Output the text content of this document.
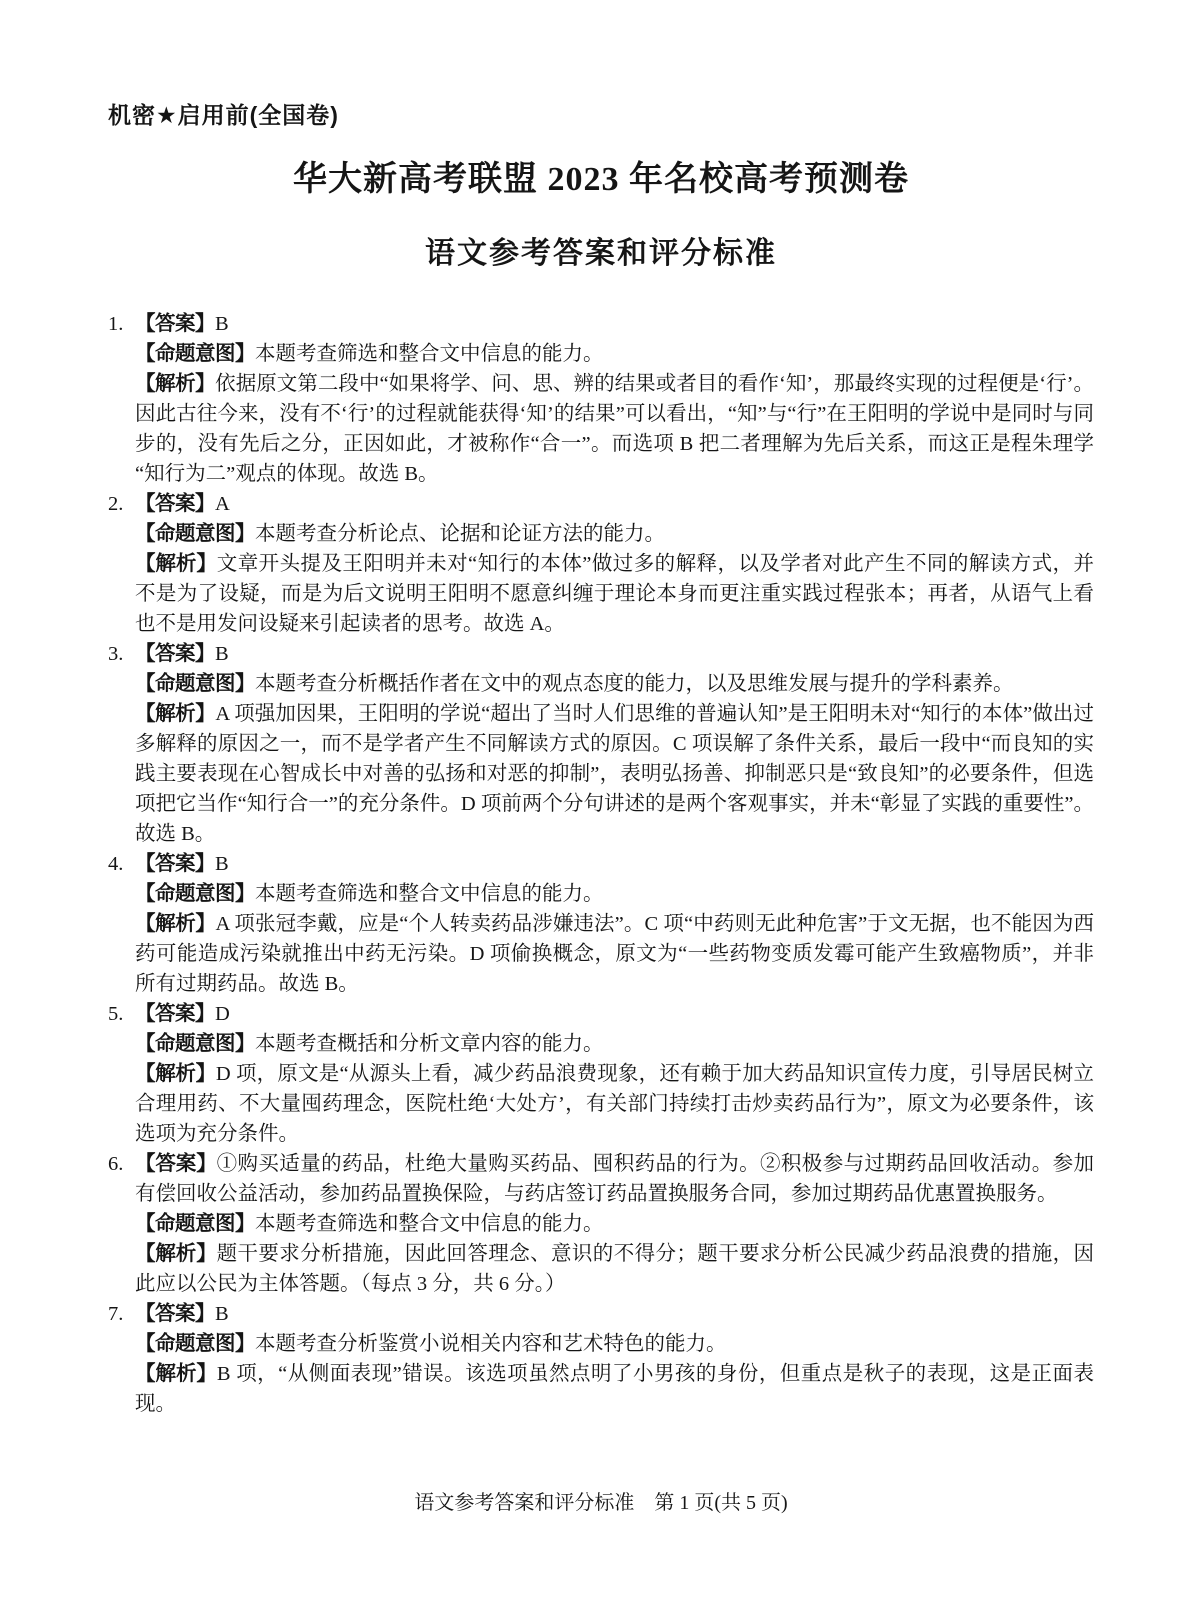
机密★启用前(全国卷)
华大新高考联盟 2023 年名校高考预测卷
语文参考答案和评分标准
1. 【答案】B

【命题意图】本题考查筛选和整合文中信息的能力。

【解析】依据原文第二段中“如果将学、问、思、辨的结果或者目的看作‘知’，那最终实现的过程便是‘行’。因此古往今来，没有不‘行’的过程就能获得‘知’的结果”可以看出，“知”与“行”在王阳明的学说中是同时与同步的，没有先后之分，正因如此，才被称作“合一”。而选项 B 把二者理解为先后关系，而这正是程朱理学“知行为二”观点的体现。故选 B。

2. 【答案】A

【命题意图】本题考查分析论点、论据和论证方法的能力。

【解析】文章开头提及王阳明并未对“知行的本体”做过多的解释，以及学者对此产生不同的解读方式，并不是为了设疑，而是为后文说明王阳明不愿意纠缠于理论本身而更注重实践过程张本；再者，从语气上看也不是用发问设疑来引起读者的思考。故选 A。

3. 【答案】B

【命题意图】本题考查分析概括作者在文中的观点态度的能力，以及思维发展与提升的学科素养。

【解析】A 项强加因果，王阳明的学说“超出了当时人们思维的普遍认知”是王阳明未对“知行的本体”做出过多解释的原因之一，而不是学者产生不同解读方式的原因。C 项误解了条件关系，最后一段中“而良知的实践主要表现在心智成长中对善的弘扬和对恶的抑制”，表明弘扬善、抑制恶只是“致良知”的必要条件，但选项把它当作“知行合一”的充分条件。D 项前两个分句讲述的是两个客观事实，并未“彰显了实践的重要性”。故选 B。

4. 【答案】B

【命题意图】本题考查筛选和整合文中信息的能力。

【解析】A 项张冠李戴，应是“个人转卖药品涉嫌违法”。C 项“中药则无此种危害”于文无据，也不能因为西药可能造成污染就推出中药无污染。D 项偷换概念，原文为“一些药物变质发霉可能产生致癌物质”，并非所有过期药品。故选 B。

5. 【答案】D

【命题意图】本题考查概括和分析文章内容的能力。

【解析】D 项，原文是“从源头上看，减少药品浪费现象，还有赖于加大药品知识宣传力度，引导居民树立合理用药、不大量囤药理念，医院杜绝‘大处方’，有关部门持续打击炒卖药品行为”，原文为必要条件，该选项为充分条件。

6. 【答案】①购买适量的药品，杜绝大量购买药品、囤积药品的行为。②积极参与过期药品回收活动。参加有偿回收公益活动，参加药品置换保险，与药店签订药品置换服务合同，参加过期药品优惠置换服务。

【命题意图】本题考查筛选和整合文中信息的能力。

【解析】题干要求分析措施，因此回答理念、意识的不得分；题干要求分析公民减少药品浪费的措施，因此应以公民为主体答题。（每点 3 分，共 6 分。）

7. 【答案】B

【命题意图】本题考查分析鉴赏小说相关内容和艺术特色的能力。

【解析】B 项，“从侧面表现”错误。该选项虽然点明了小男孩的身份，但重点是秋子的表现，这是正面表现。

语文参考答案和评分标准　第 1 页(共 5 页)
